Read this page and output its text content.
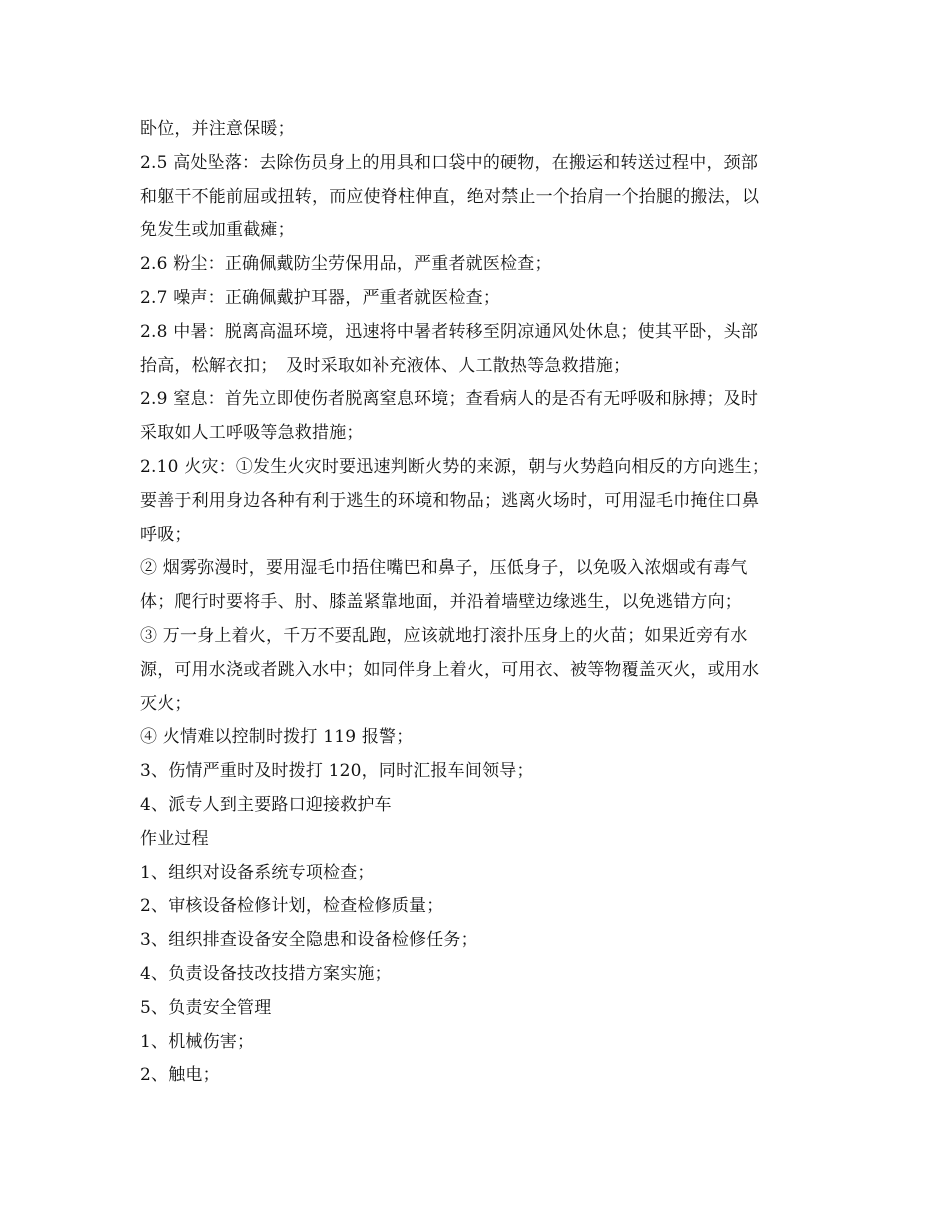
卧位，并注意保暖；
2.5 高处坠落：去除伤员身上的用具和口袋中的硬物，在搬运和转送过程中，颈部
和躯干不能前屈或扭转，而应使脊柱伸直，绝对禁止一个抬肩一个抬腿的搬法，以
免发生或加重截瘫；
2.6 粉尘：正确佩戴防尘劳保用品，严重者就医检查；
2.7 噪声：正确佩戴护耳器，严重者就医检查；
2.8 中暑：脱离高温环境，迅速将中暑者转移至阴凉通风处休息；使其平卧，头部
抬高，松解衣扣；　及时采取如补充液体、人工散热等急救措施；
2.9 窒息：首先立即使伤者脱离窒息环境；查看病人的是否有无呼吸和脉搏；及时
采取如人工呼吸等急救措施；
2.10 火灾：①发生火灾时要迅速判断火势的来源，朝与火势趋向相反的方向逃生；
要善于利用身边各种有利于逃生的环境和物品；逃离火场时，可用湿毛巾掩住口鼻
呼吸；
② 烟雾弥漫时，要用湿毛巾捂住嘴巴和鼻子，压低身子，以免吸入浓烟或有毒气
体；爬行时要将手、肘、膝盖紧靠地面，并沿着墙壁边缘逃生，以免逃错方向；
③ 万一身上着火，千万不要乱跑，应该就地打滚扑压身上的火苗；如果近旁有水
源，可用水浇或者跳入水中；如同伴身上着火，可用衣、被等物覆盖灭火，或用水
灭火；
④ 火情难以控制时拨打 119 报警；
3、伤情严重时及时拨打 120，同时汇报车间领导；
4、派专人到主要路口迎接救护车
作业过程
1、组织对设备系统专项检查；
2、审核设备检修计划，检查检修质量；
3、组织排查设备安全隐患和设备检修任务；
4、负责设备技改技措方案实施；
5、负责安全管理
1、机械伤害；
2、触电；
